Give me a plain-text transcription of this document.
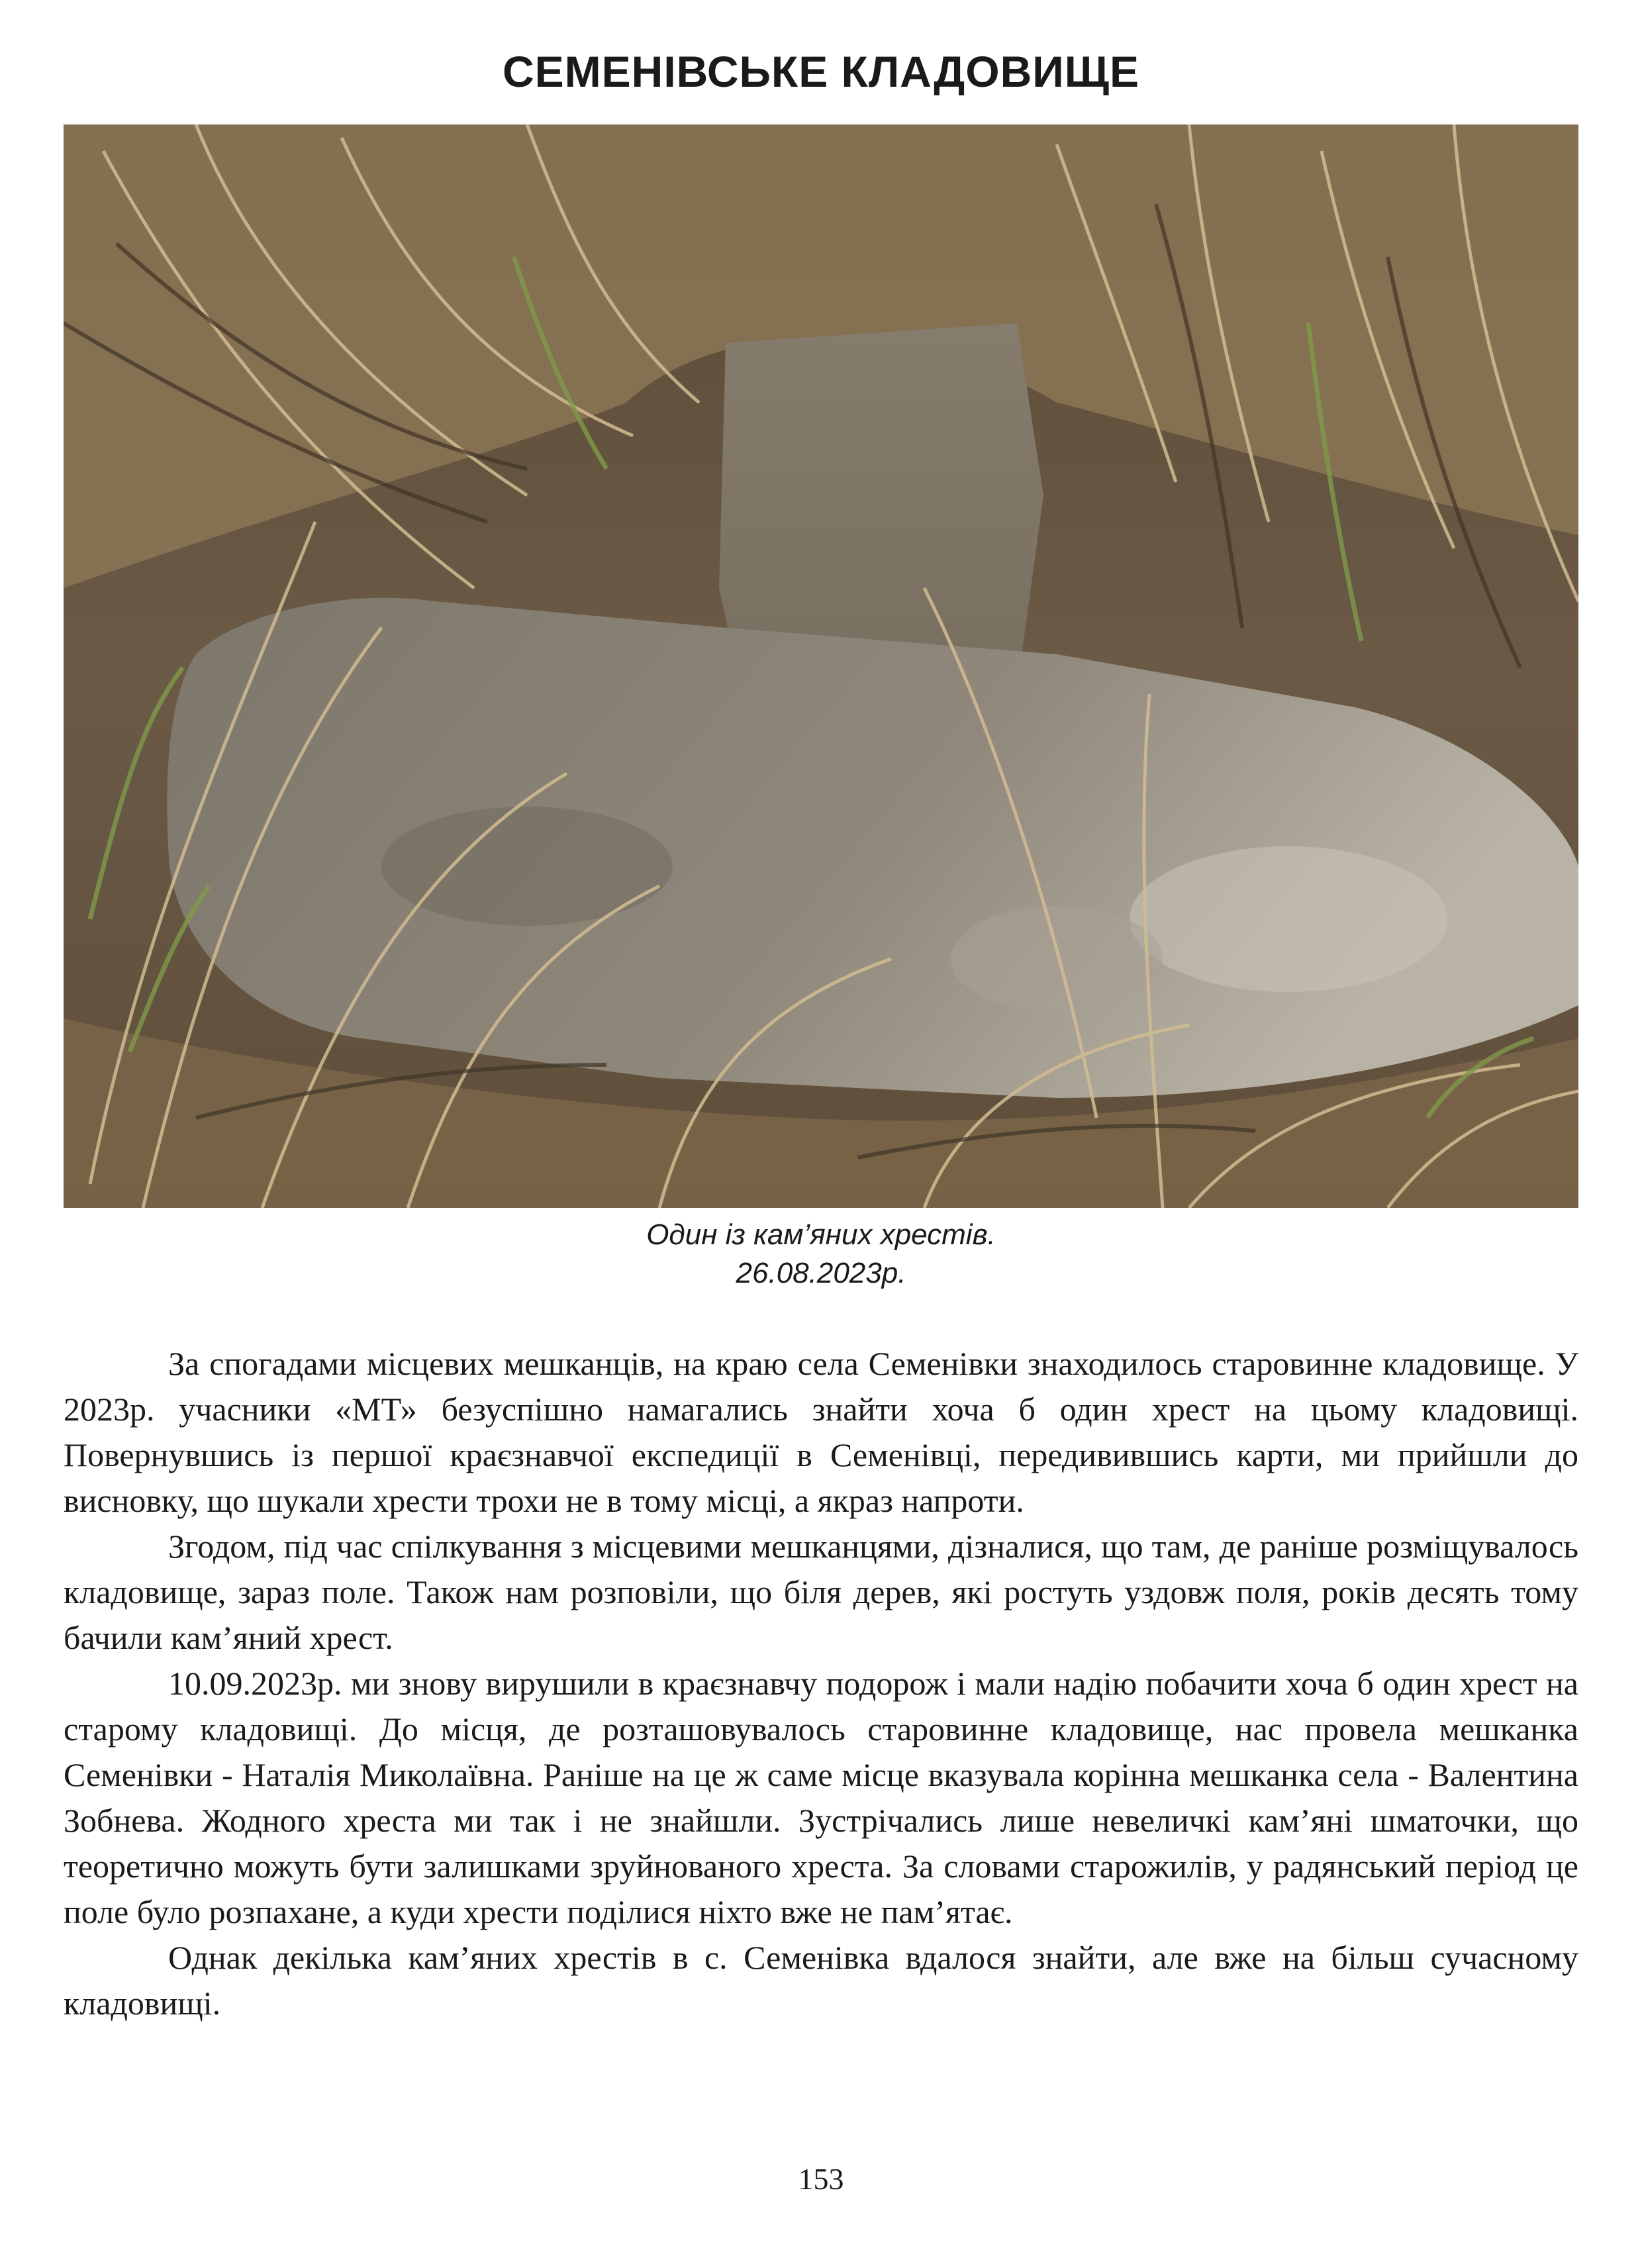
СЕМЕНІВСЬКЕ КЛАДОВИЩЕ
Один із кам’яних хрестів.
26.08.2023р.

За спогадами місцевих мешканців, на краю села Семенівки знаходилось старовинне кладовище. У 2023р. учасники «МТ» безуспішно намагались знайти хоча б один хрест на цьому кладовищі. Повернувшись із першої краєзнавчої експедиції в Семенівці, передивившись карти, ми прийшли до висновку, що шукали хрести трохи не в тому місці, а якраз напроти.

Згодом, під час спілкування з місцевими мешканцями, дізналися, що там, де раніше розміщувалось кладовище, зараз поле. Також нам розповіли, що біля дерев, які ростуть уздовж поля, років десять тому бачили кам’яний хрест.

10.09.2023р. ми знову вирушили в краєзнавчу подорож і мали надію побачити хоча б один хрест на старому кладовищі. До місця, де розташовувалось старовинне кладовище, нас провела мешканка Семенівки - Наталія Миколаївна. Раніше на це ж саме місце вказувала корінна мешканка села - Валентина Зобнева. Жодного хреста ми так і не знайшли. Зустрічались лише невеличкі кам’яні шматочки, що теоретично можуть бути залишками зруйнованого хреста. За словами старожилів, у радянський період це поле було розпахане, а куди хрести поділися ніхто вже не пам’ятає.

Однак декілька кам’яних хрестів в с. Семенівка вдалося знайти, але вже на більш сучасному кладовищі.

153
